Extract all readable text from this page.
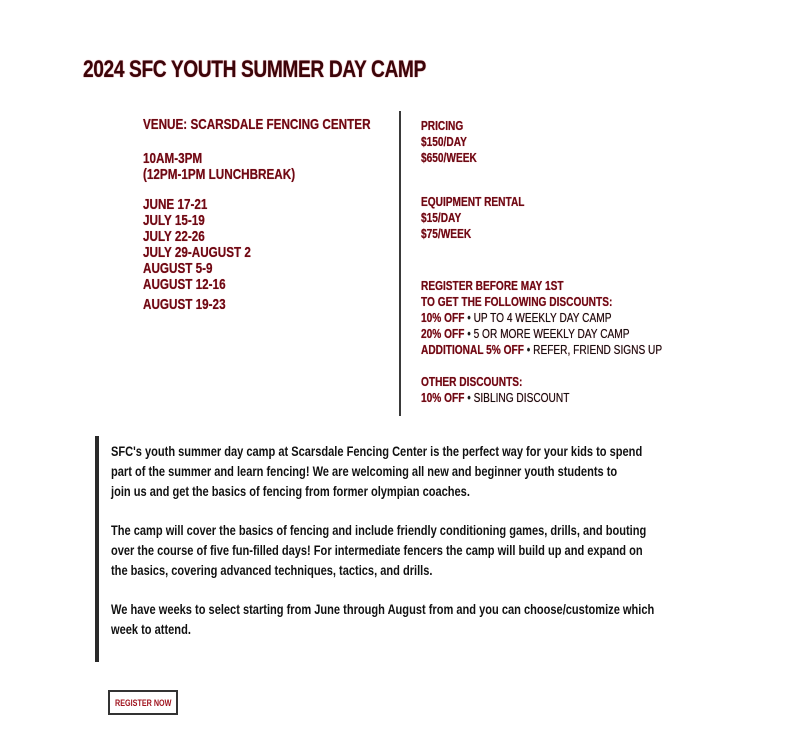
2024 SFC YOUTH SUMMER DAY CAMP
VENUE: SCARSDALE FENCING CENTER
10AM-3PM
(12PM-1PM LUNCHBREAK)
JUNE 17-21
JULY 15-19
JULY 22-26
JULY 29-AUGUST 2
AUGUST 5-9
AUGUST 12-16
AUGUST 19-23
PRICING
$150/DAY
$650/WEEK
EQUIPMENT RENTAL
$15/DAY
$75/WEEK
REGISTER BEFORE MAY 1ST
TO GET THE FOLLOWING DISCOUNTS:
10% OFF • UP TO 4 WEEKLY DAY CAMP
20% OFF • 5 OR MORE WEEKLY DAY CAMP
ADDITIONAL 5% OFF • REFER, FRIEND SIGNS UP
OTHER DISCOUNTS:
10% OFF • SIBLING DISCOUNT
SFC's youth summer day camp at Scarsdale Fencing Center is the perfect way for your kids to spend
part of the summer and learn fencing! We are welcoming all new and beginner youth students to
join us and get the basics of fencing from former olympian coaches.
The camp will cover the basics of fencing and include friendly conditioning games, drills, and bouting
over the course of five fun-filled days! For intermediate fencers the camp will build up and expand on
the basics, covering advanced techniques, tactics, and drills.
We have weeks to select starting from June through August from and you can choose/customize which
week to attend.
REGISTER NOW
